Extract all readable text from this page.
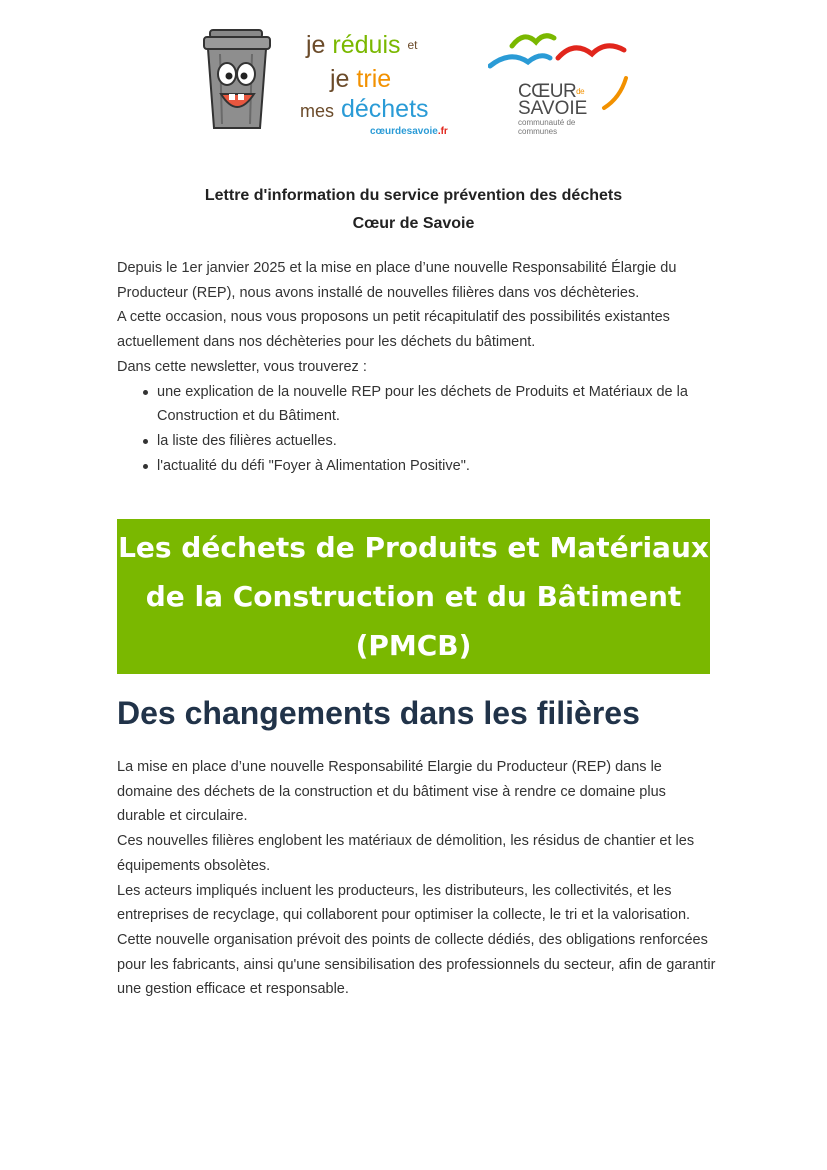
je réduis $^{et}$
je trie
mes déchets
cœurdesavoie.fr
$CŒUR^{de}$
SAVOIE
communauté de communes
Lettre d'information du service prévention des déchets
Cœur de Savoie

Depuis le 1er janvier 2025 et la mise en place d’une nouvelle Responsabilité Élargie du Producteur (REP), nous avons installé de nouvelles filières dans vos déchèteries.

A cette occasion, nous vous proposons un petit récapitulatif des possibilités existantes actuellement dans nos déchèteries pour les déchets du bâtiment.

Dans cette newsletter, vous trouverez :

une explication de la nouvelle REP pour les déchets de Produits et Matériaux de la Construction et du Bâtiment.
la liste des filières actuelles.
l'actualité du défi "Foyer à Alimentation Positive".
Les déchets de Produits et Matériaux de la Construction et du Bâtiment (PMCB)
Des changements dans les filières

La mise en place d’une nouvelle Responsabilité Elargie du Producteur (REP) dans le domaine des déchets de la construction et du bâtiment vise à rendre ce domaine plus durable et circulaire.

Ces nouvelles filières englobent les matériaux de démolition, les résidus de chantier et les équipements obsolètes.

Les acteurs impliqués incluent les producteurs, les distributeurs, les collectivités, et les entreprises de recyclage, qui collaborent pour optimiser la collecte, le tri et la valorisation.

Cette nouvelle organisation prévoit des points de collecte dédiés, des obligations renforcées pour les fabricants, ainsi qu'une sensibilisation des professionnels du secteur, afin de garantir une gestion efficace et responsable.
